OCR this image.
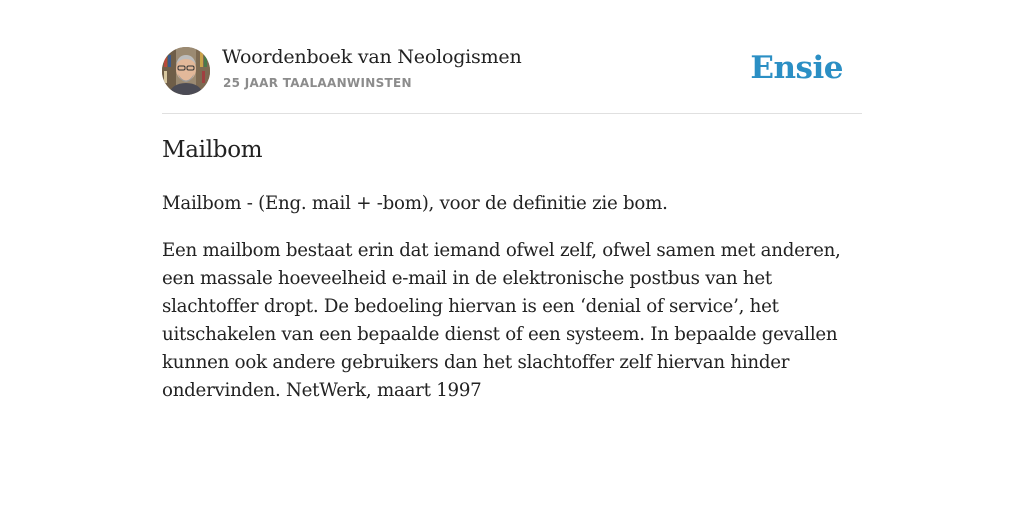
Woordenboek van Neologismen
25 JAAR TAALAANWINSTEN	Ensie
Mailbom

Mailbom - (Eng. mail + -bom), voor de definitie zie bom.

Een mailbom bestaat erin dat iemand ofwel zelf, ofwel samen met anderen, een massale hoeveelheid e-mail in de elektronische postbus van het slachtoffer dropt. De bedoeling hiervan is een ‘denial of service’, het uitschakelen van een bepaalde dienst of een systeem. In bepaalde gevallen kunnen ook andere gebruikers dan het slachtoffer zelf hiervan hinder ondervinden. NetWerk, maart 1997
